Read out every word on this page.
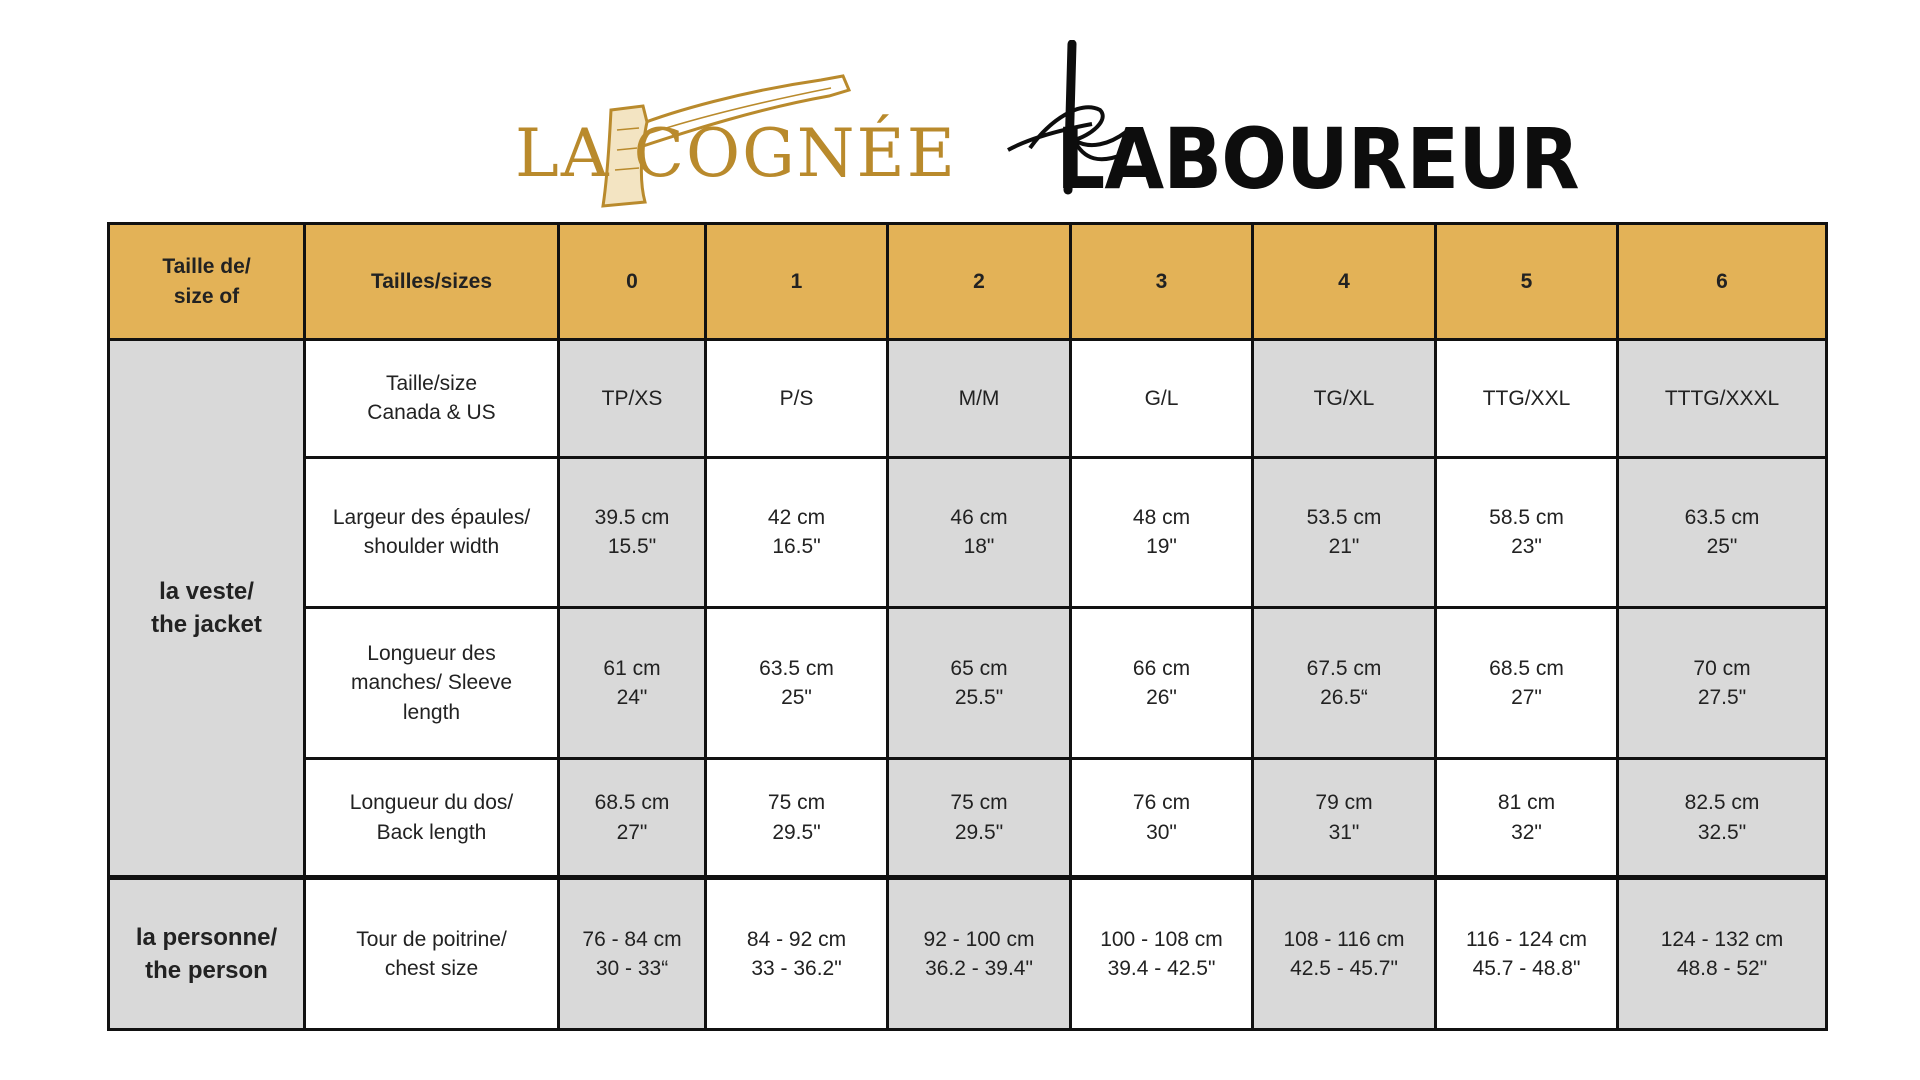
LA COGNÉE LABOUREUR
Taille de/
size of	Tailles/sizes	0	1	2	3	4	5	6

la veste/
the jacket	Taille/size
Canada & US	TP/XS	P/S	M/M	G/L	TG/XL	TTG/XXL	TTTG/XXXL

	Largeur des épaules/
shoulder width	39.5 cm
15.5"	42 cm
16.5"	46 cm
18"	48 cm
19"	53.5 cm
21"	58.5 cm
23"	63.5 cm
25"

	Longueur des
manches/ Sleeve
length	61 cm
24"	63.5 cm
25"	65 cm
25.5"	66 cm
26"	67.5 cm
26.5“	68.5 cm
27"	70 cm
27.5"

	Longueur du dos/
Back length	68.5 cm
27"	75 cm
29.5"	75 cm
29.5"	76 cm
30"	79 cm
31"	81 cm
32"	82.5 cm
32.5"

la personne/
the person	Tour de poitrine/
chest size	76 - 84 cm
30 - 33“	84 - 92 cm
33 - 36.2"	92 - 100 cm
36.2 - 39.4"	100 - 108 cm
39.4 - 42.5"	108 - 116 cm
42.5 - 45.7"	116 - 124 cm
45.7 - 48.8"	124 - 132 cm
48.8 - 52"
